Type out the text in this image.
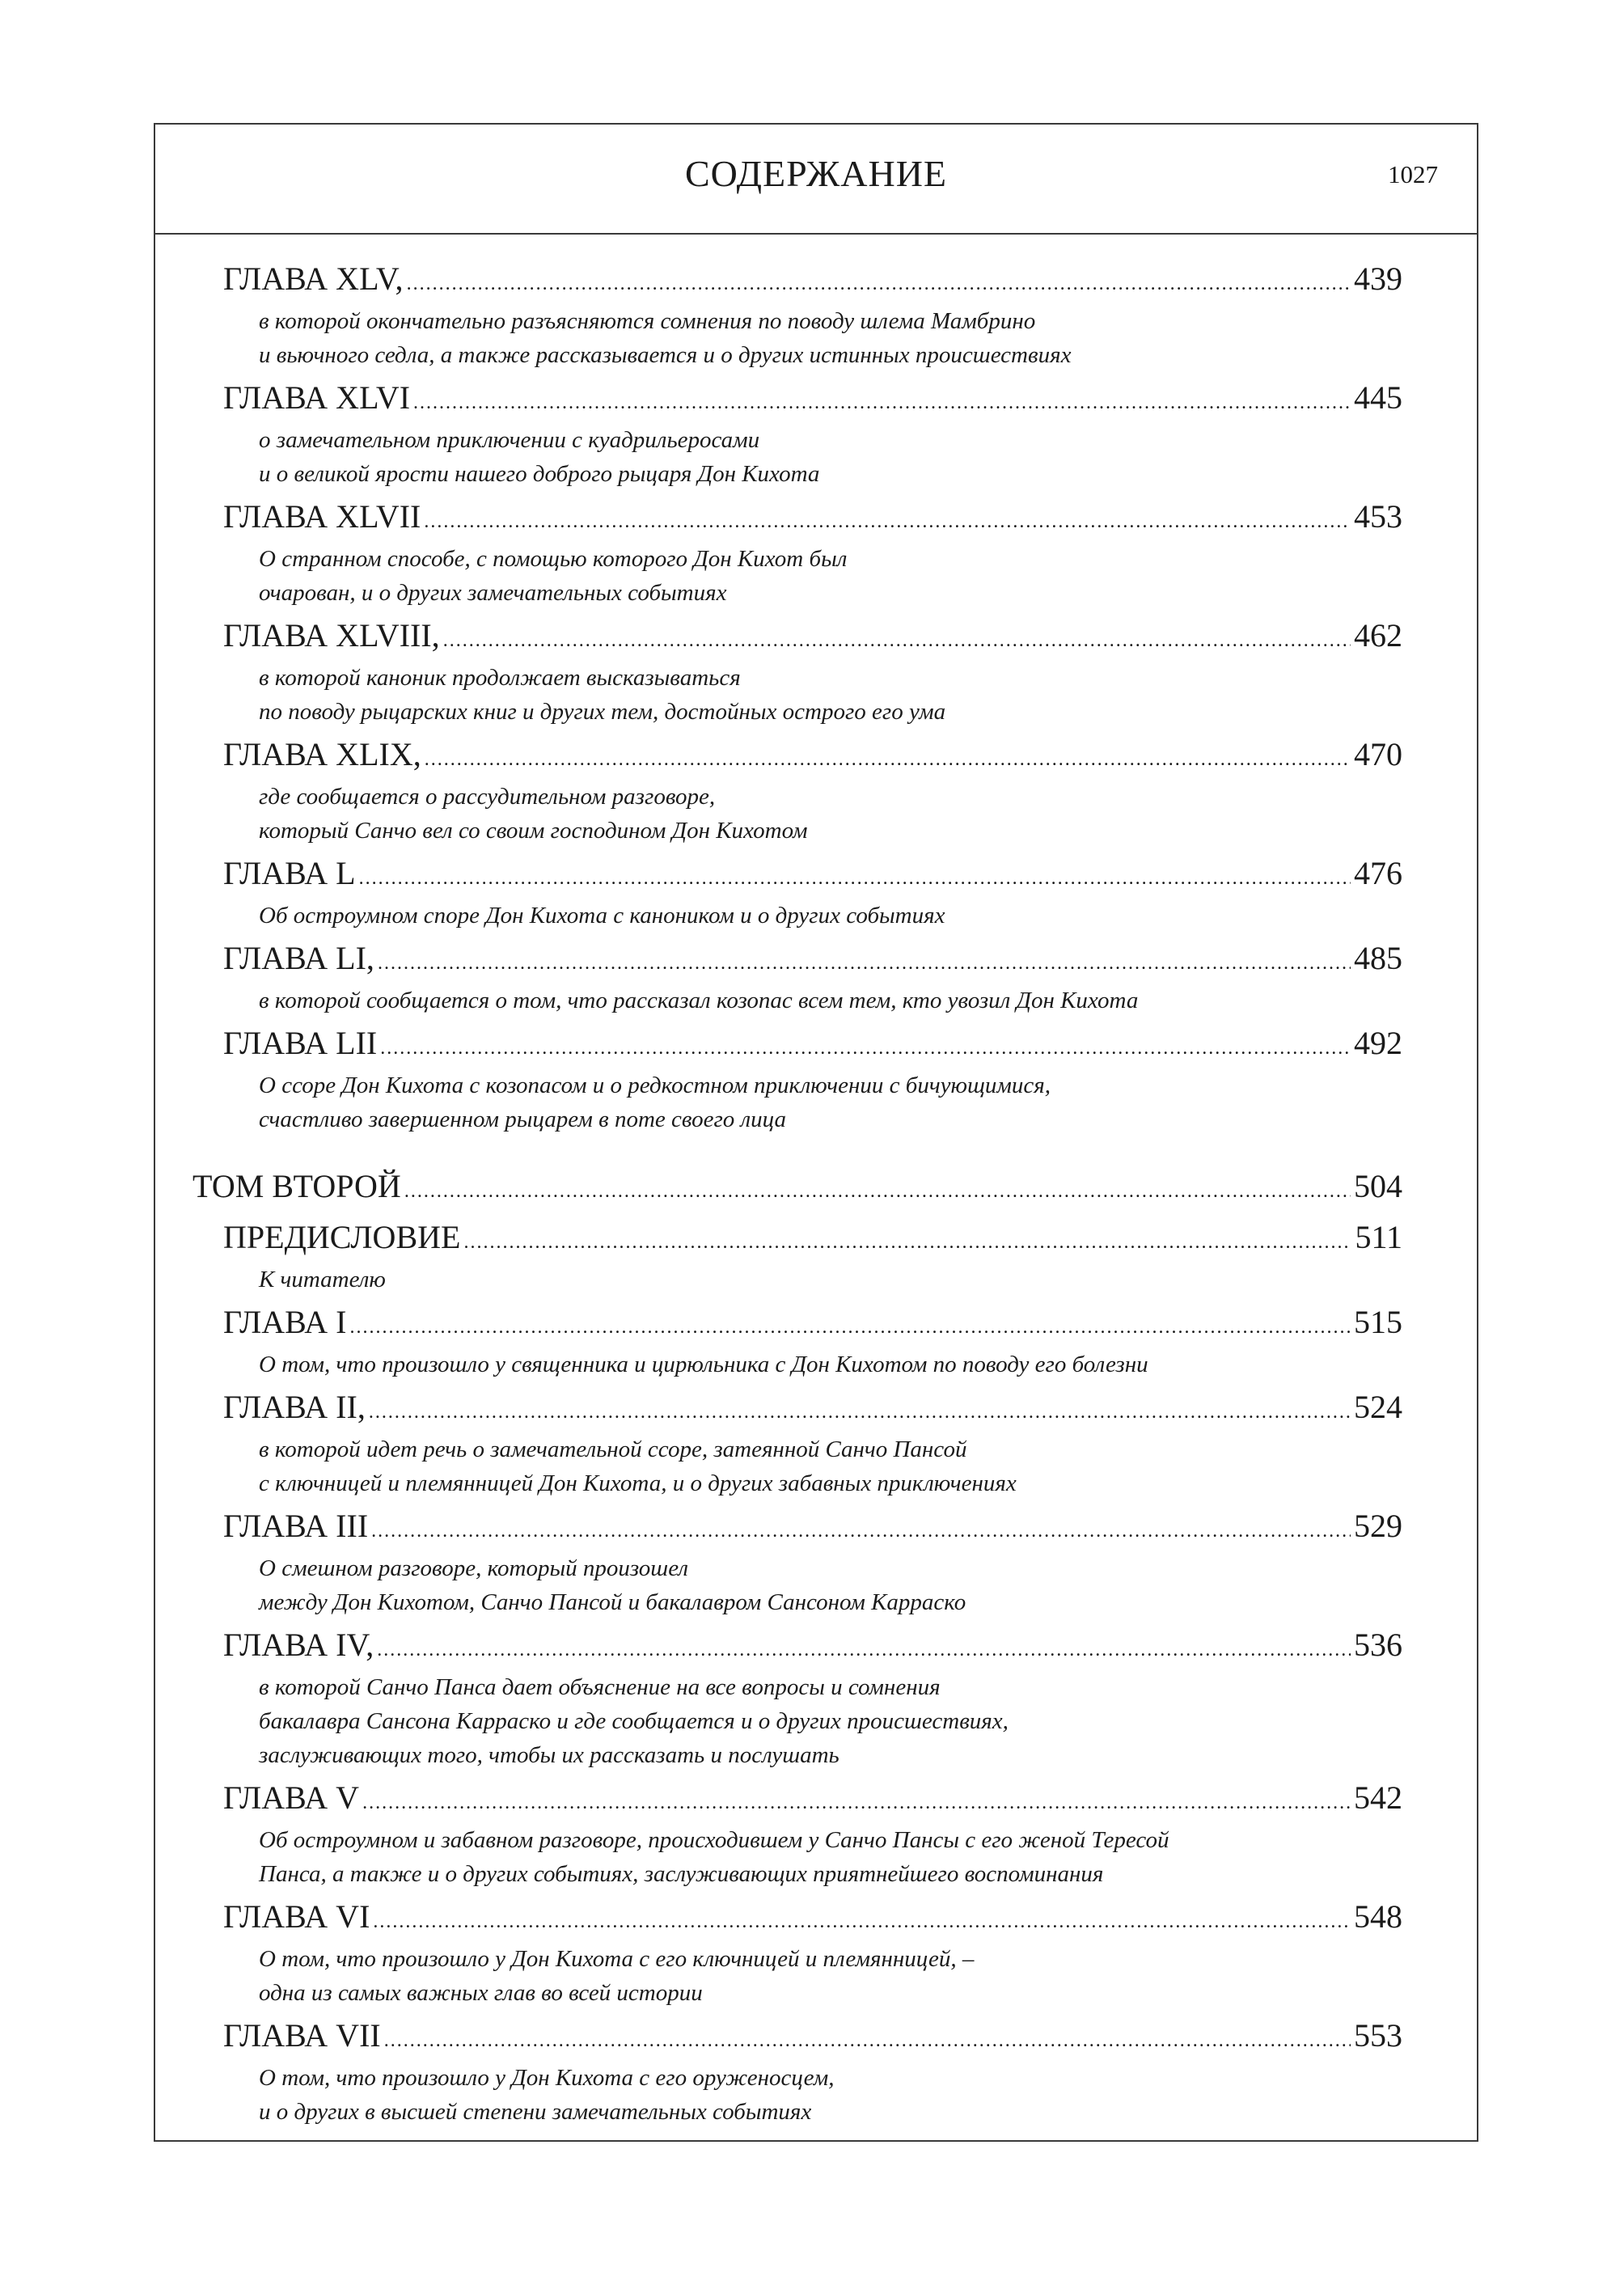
СОДЕРЖАНИЕ	1027
ГЛАВА XLV, .....	439
в которой окончательно разъясняются сомнения по поводу шлема Мамбрино
и вьючного седла, а также рассказывается и о других истинных происшествиях
ГЛАВА XLVI .....	445
о замечательном приключении с куадрильеросами
и о великой ярости нашего доброго рыцаря Дон Кихота
ГЛАВА XLVII .....	453
О странном способе, с помощью которого Дон Кихот был
очарован, и о других замечательных событиях
ГЛАВА XLVIII, .....	462
в которой каноник продолжает высказываться
по поводу рыцарских книг и других тем, достойных острого его ума
ГЛАВА XLIX, .....	470
где сообщается о рассудительном разговоре,
который Санчо вел со своим господином Дон Кихотом
ГЛАВА L .....	476
Об остроумном споре Дон Кихота с каноником и о других событиях
ГЛАВА LI, .....	485
в которой сообщается о том, что рассказал козопас всем тем, кто увозил Дон Кихота
ГЛАВА LII .....	492
О ссоре Дон Кихота с козопасом и о редкостном приключении с бичующимися,
счастливо завершенном рыцарем в поте своего лица
ТОМ ВТОРОЙ .....	504
ПРЕДИСЛОВИЕ .....	511
К читателю
ГЛАВА I .....	515
О том, что произошло у священника и цирюльника с Дон Кихотом по поводу его болезни
ГЛАВА II, .....	524
в которой идет речь о замечательной ссоре, затеянной Санчо Пансой
с ключницей и племянницей Дон Кихота, и о других забавных приключениях
ГЛАВА III .....	529
О смешном разговоре, который произошел
между Дон Кихотом, Санчо Пансой и бакалавром Сансоном Карраско
ГЛАВА IV, .....	536
в которой Санчо Панса дает объяснение на все вопросы и сомнения
бакалавра Сансона Карраско и где сообщается и о других происшествиях,
заслуживающих того, чтобы их рассказать и послушать
ГЛАВА V .....	542
Об остроумном и забавном разговоре, происходившем у Санчо Пансы с его женой Тересой
Панса, а также и о других событиях, заслуживающих приятнейшего воспоминания
ГЛАВА VI .....	548
О том, что произошло у Дон Кихота с его ключницей и племянницей, –
одна из самых важных глав во всей истории
ГЛАВА VII .....	553
О том, что произошло у Дон Кихота с его оруженосцем,
и о других в высшей степени замечательных событиях
